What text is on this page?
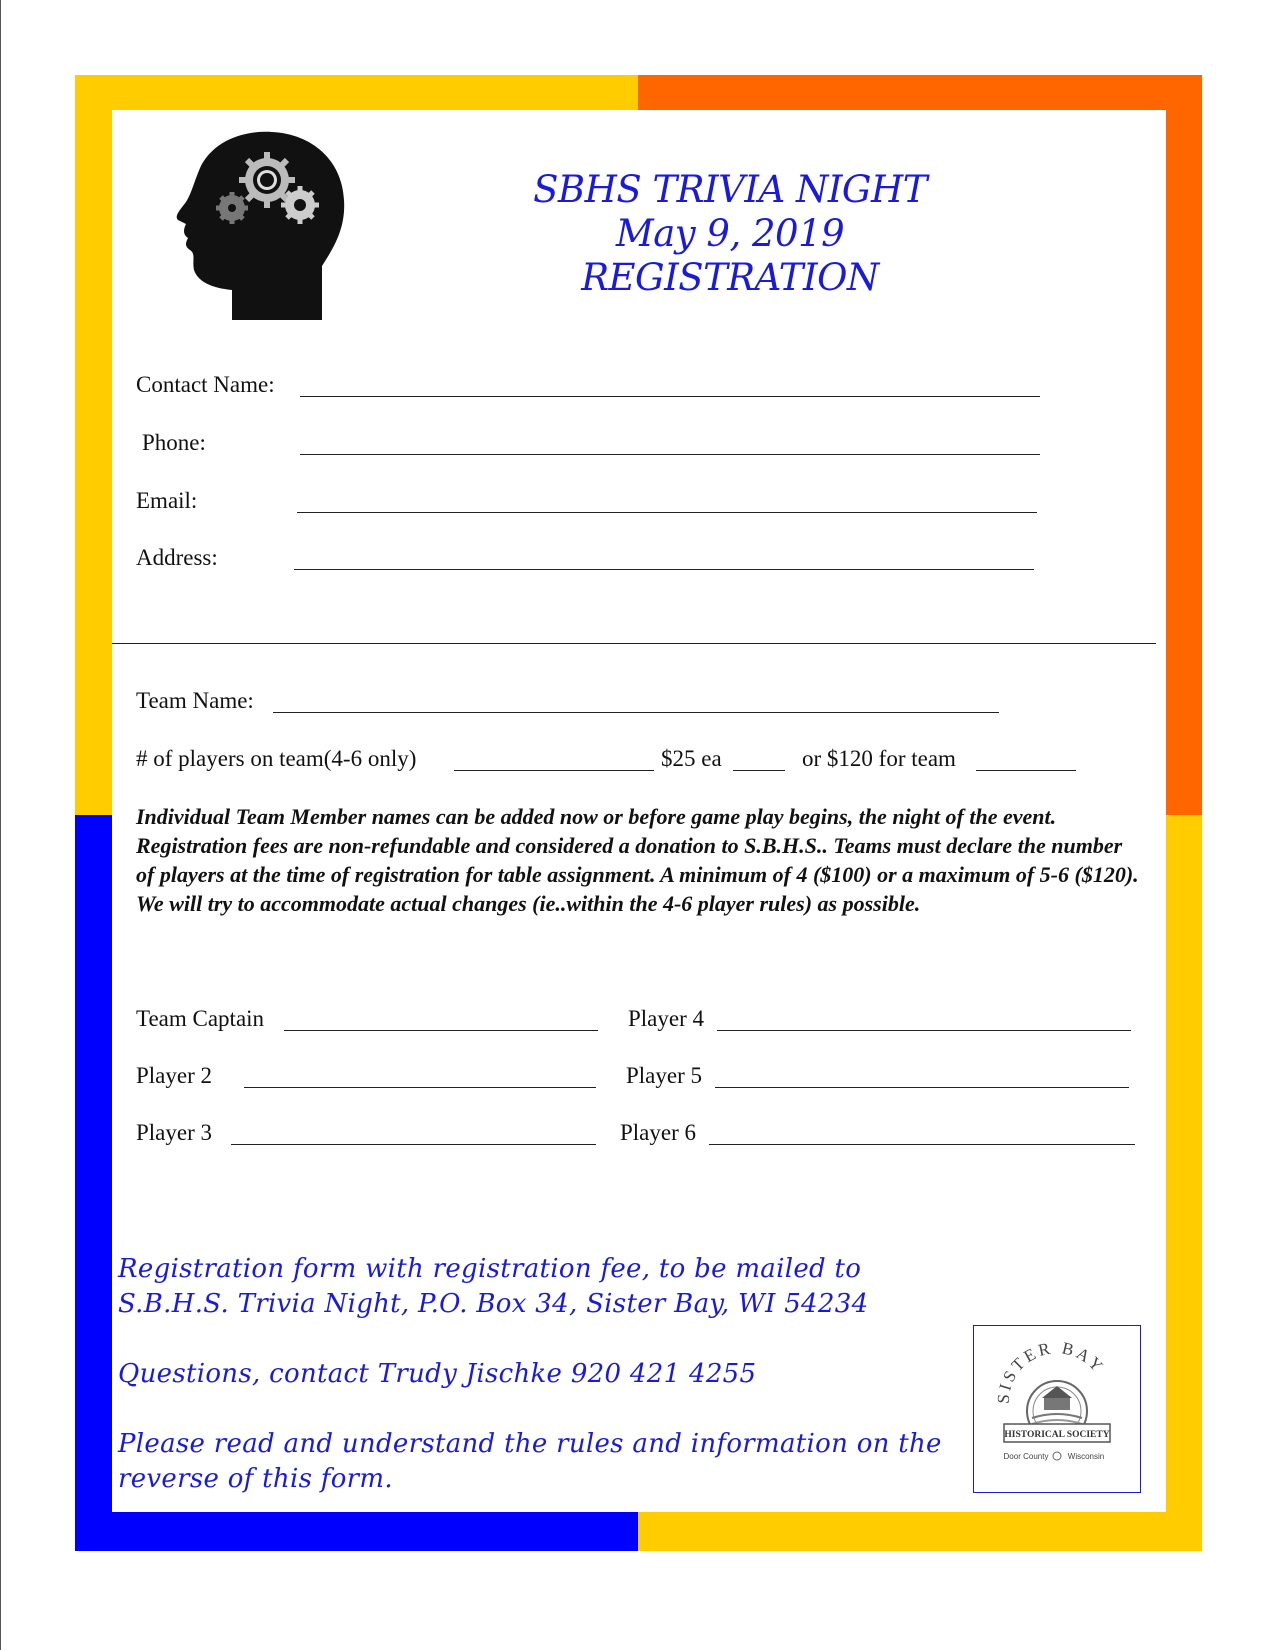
SBHS TRIVIA NIGHT
May 9, 2019
REGISTRATION
Contact Name:
Phone:
Email:
Address:
Team Name:
# of players on team(4-6 only)	$25 ea	or $120 for team
Individual Team Member names can be added now or before game play begins, the night of the event. Registration fees are non-refundable and considered a donation to S.B.H.S.. Teams must declare the number of players at the time of registration for table assignment. A minimum of 4 ($100) or a maximum of 5-6 ($120). We will try to accommodate actual changes (ie..within the 4-6 player rules) as possible.
Team Captain
Player 2
Player 3
Player 4
Player 5
Player 6
Registration form with registration fee, to be mailed to
S.B.H.S. Trivia Night, P.O. Box 34, Sister Bay, WI 54234
Questions, contact Trudy Jischke 920 421 4255
Please read and understand the rules and information on the
reverse of this form.
SISTER BAY
HISTORICAL SOCIETY
Door County Wisconsin
